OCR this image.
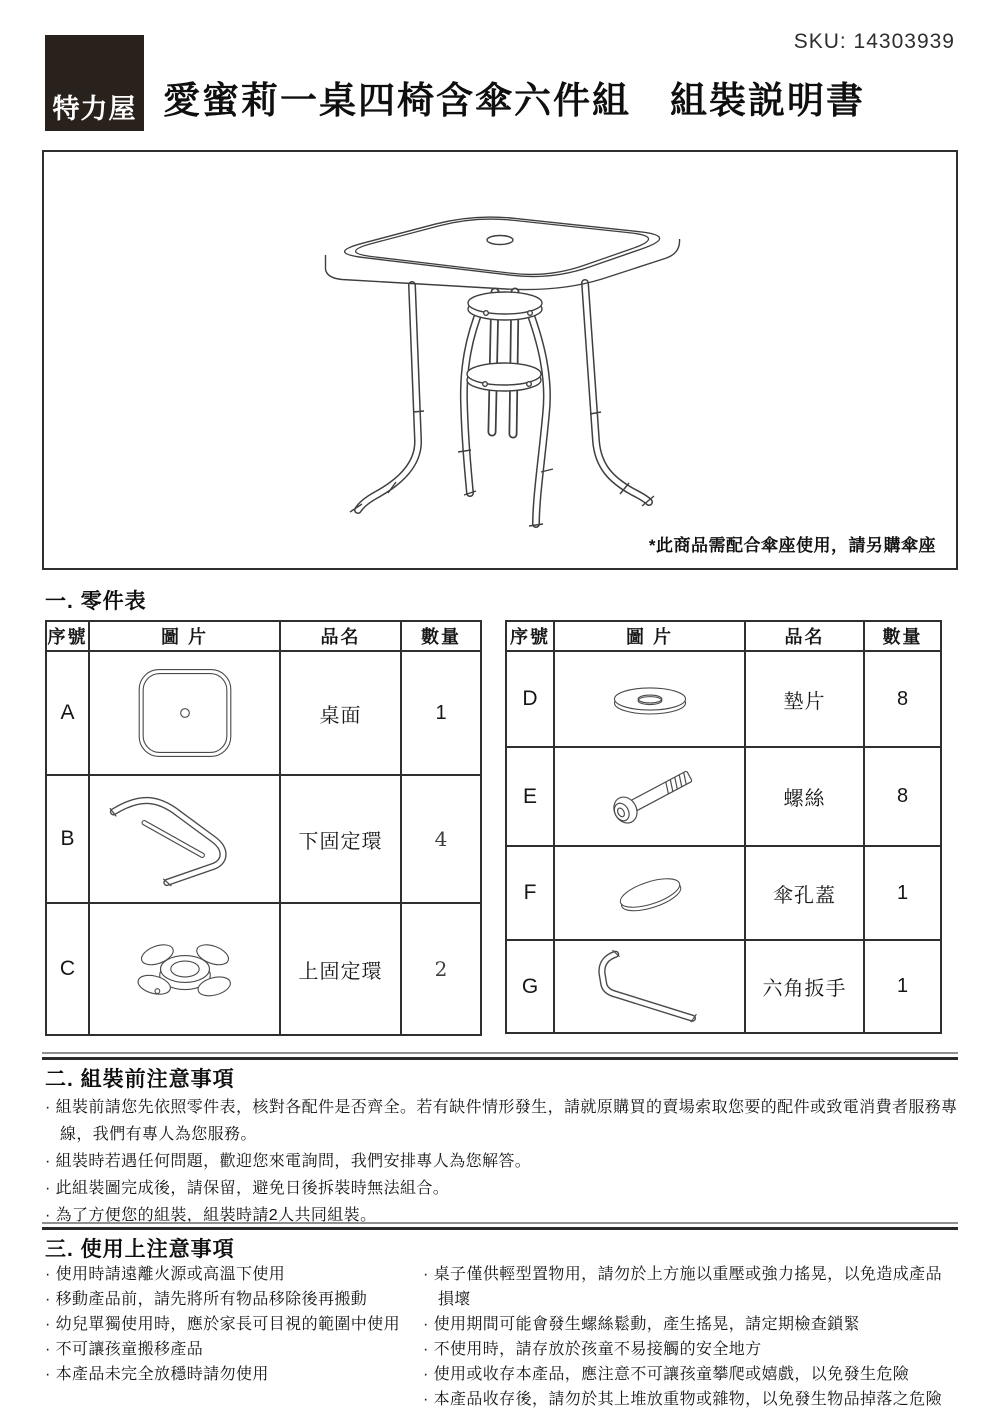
特力屋 愛蜜莉一桌四椅含傘六件組　組裝説明書
SKU: 14303939
*此商品需配合傘座使用，請另購傘座
一. 零件表
序號	圖 片	品名	數量
A		桌面	1
B		下固定環	4
C		上固定環	2
序號	圖 片	品名	數量
D		墊片	8
E		螺絲	8
F		傘孔蓋	1
G		六角扳手	1
二. 組裝前注意事項
· 組裝前請您先依照零件表，核對各配件是否齊全。若有缺件情形發生，請就原購買的賣場索取您要的配件或致電消費者服務專線，我們有專人為您服務。
· 組裝時若遇任何問題，歡迎您來電詢問，我們安排專人為您解答。
· 此組裝圖完成後，請保留，避免日後拆裝時無法組合。
· 為了方便您的組裝，組裝時請2人共同組裝。
三. 使用上注意事項
· 使用時請遠離火源或高溫下使用
· 移動產品前，請先將所有物品移除後再搬動
· 幼兒單獨使用時，應於家長可目視的範圍中使用
· 不可讓孩童搬移產品
· 本產品未完全放穩時請勿使用
· 桌子僅供輕型置物用，請勿於上方施以重壓或強力搖晃，以免造成產品損壞
· 使用期間可能會發生螺絲鬆動，產生搖晃，請定期檢查鎖緊
· 不使用時，請存放於孩童不易接觸的安全地方
· 使用或收存本產品，應注意不可讓孩童攀爬或嬉戲，以免發生危險
· 本產品收存後，請勿於其上堆放重物或雜物，以免發生物品掉落之危險
